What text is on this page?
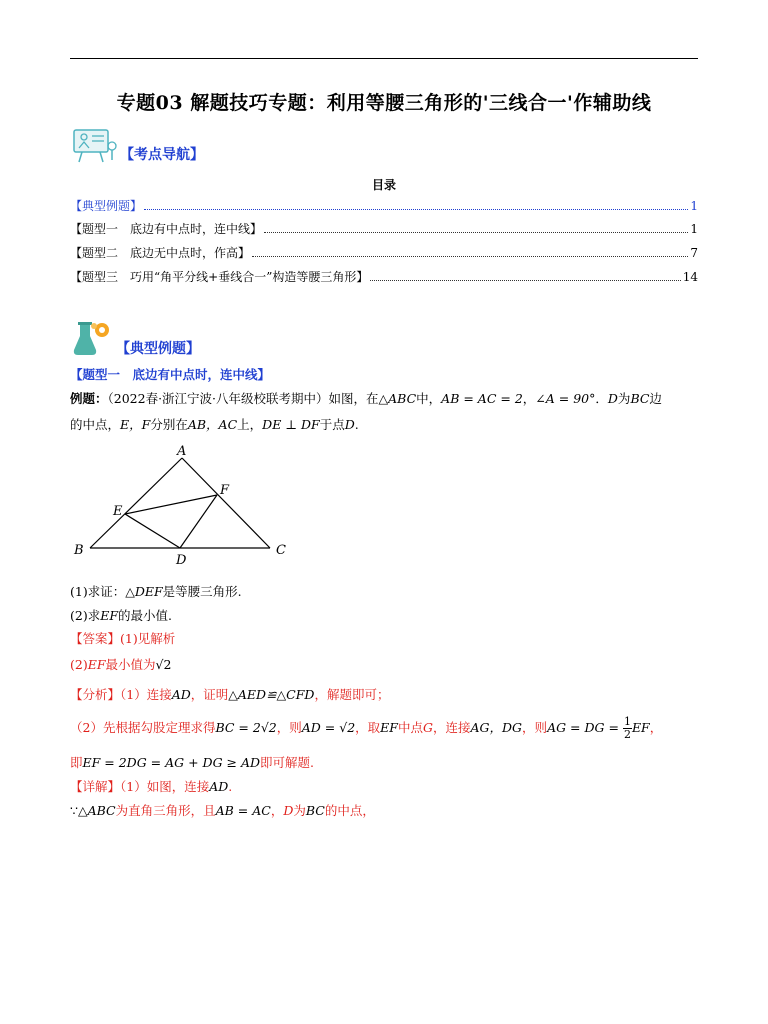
专题03 解题技巧专题：利用等腰三角形的'三线合一'作辅助线
【考点导航】
目录
【典型例题】	1
【题型一　底边有中点时，连中线】	1
【题型二　底边无中点时，作高】	7
【题型三　巧用“角平分线+垂线合一”构造等腰三角形】	14
【典型例题】
【题型一　底边有中点时，连中线】
例题：（2022春·浙江宁波·八年级校联考期中）如图，在△ABC中，AB = AC = 2，∠A = 90°．D为BC边
的中点，E，F分别在AB，AC上，DE ⊥ DF于点D.
A
B	C
D
E
F
(1)求证：△DEF是等腰三角形.
(2)求EF的最小值.
【答案】(1)见解析
(2)EF最小值为√2
【分析】（1）连接AD，证明△AED≌△CFD，解题即可；
（2）先根据勾股定理求得BC = 2√2，则AD = √2，取EF中点G，连接AG，DG，则AG = DG = $\frac{1}{2}$ EF，
即EF = 2DG = AG + DG ≥ AD即可解题.
【详解】（1）如图，连接AD.
∵△ABC为直角三角形，且AB = AC，D为BC的中点，
